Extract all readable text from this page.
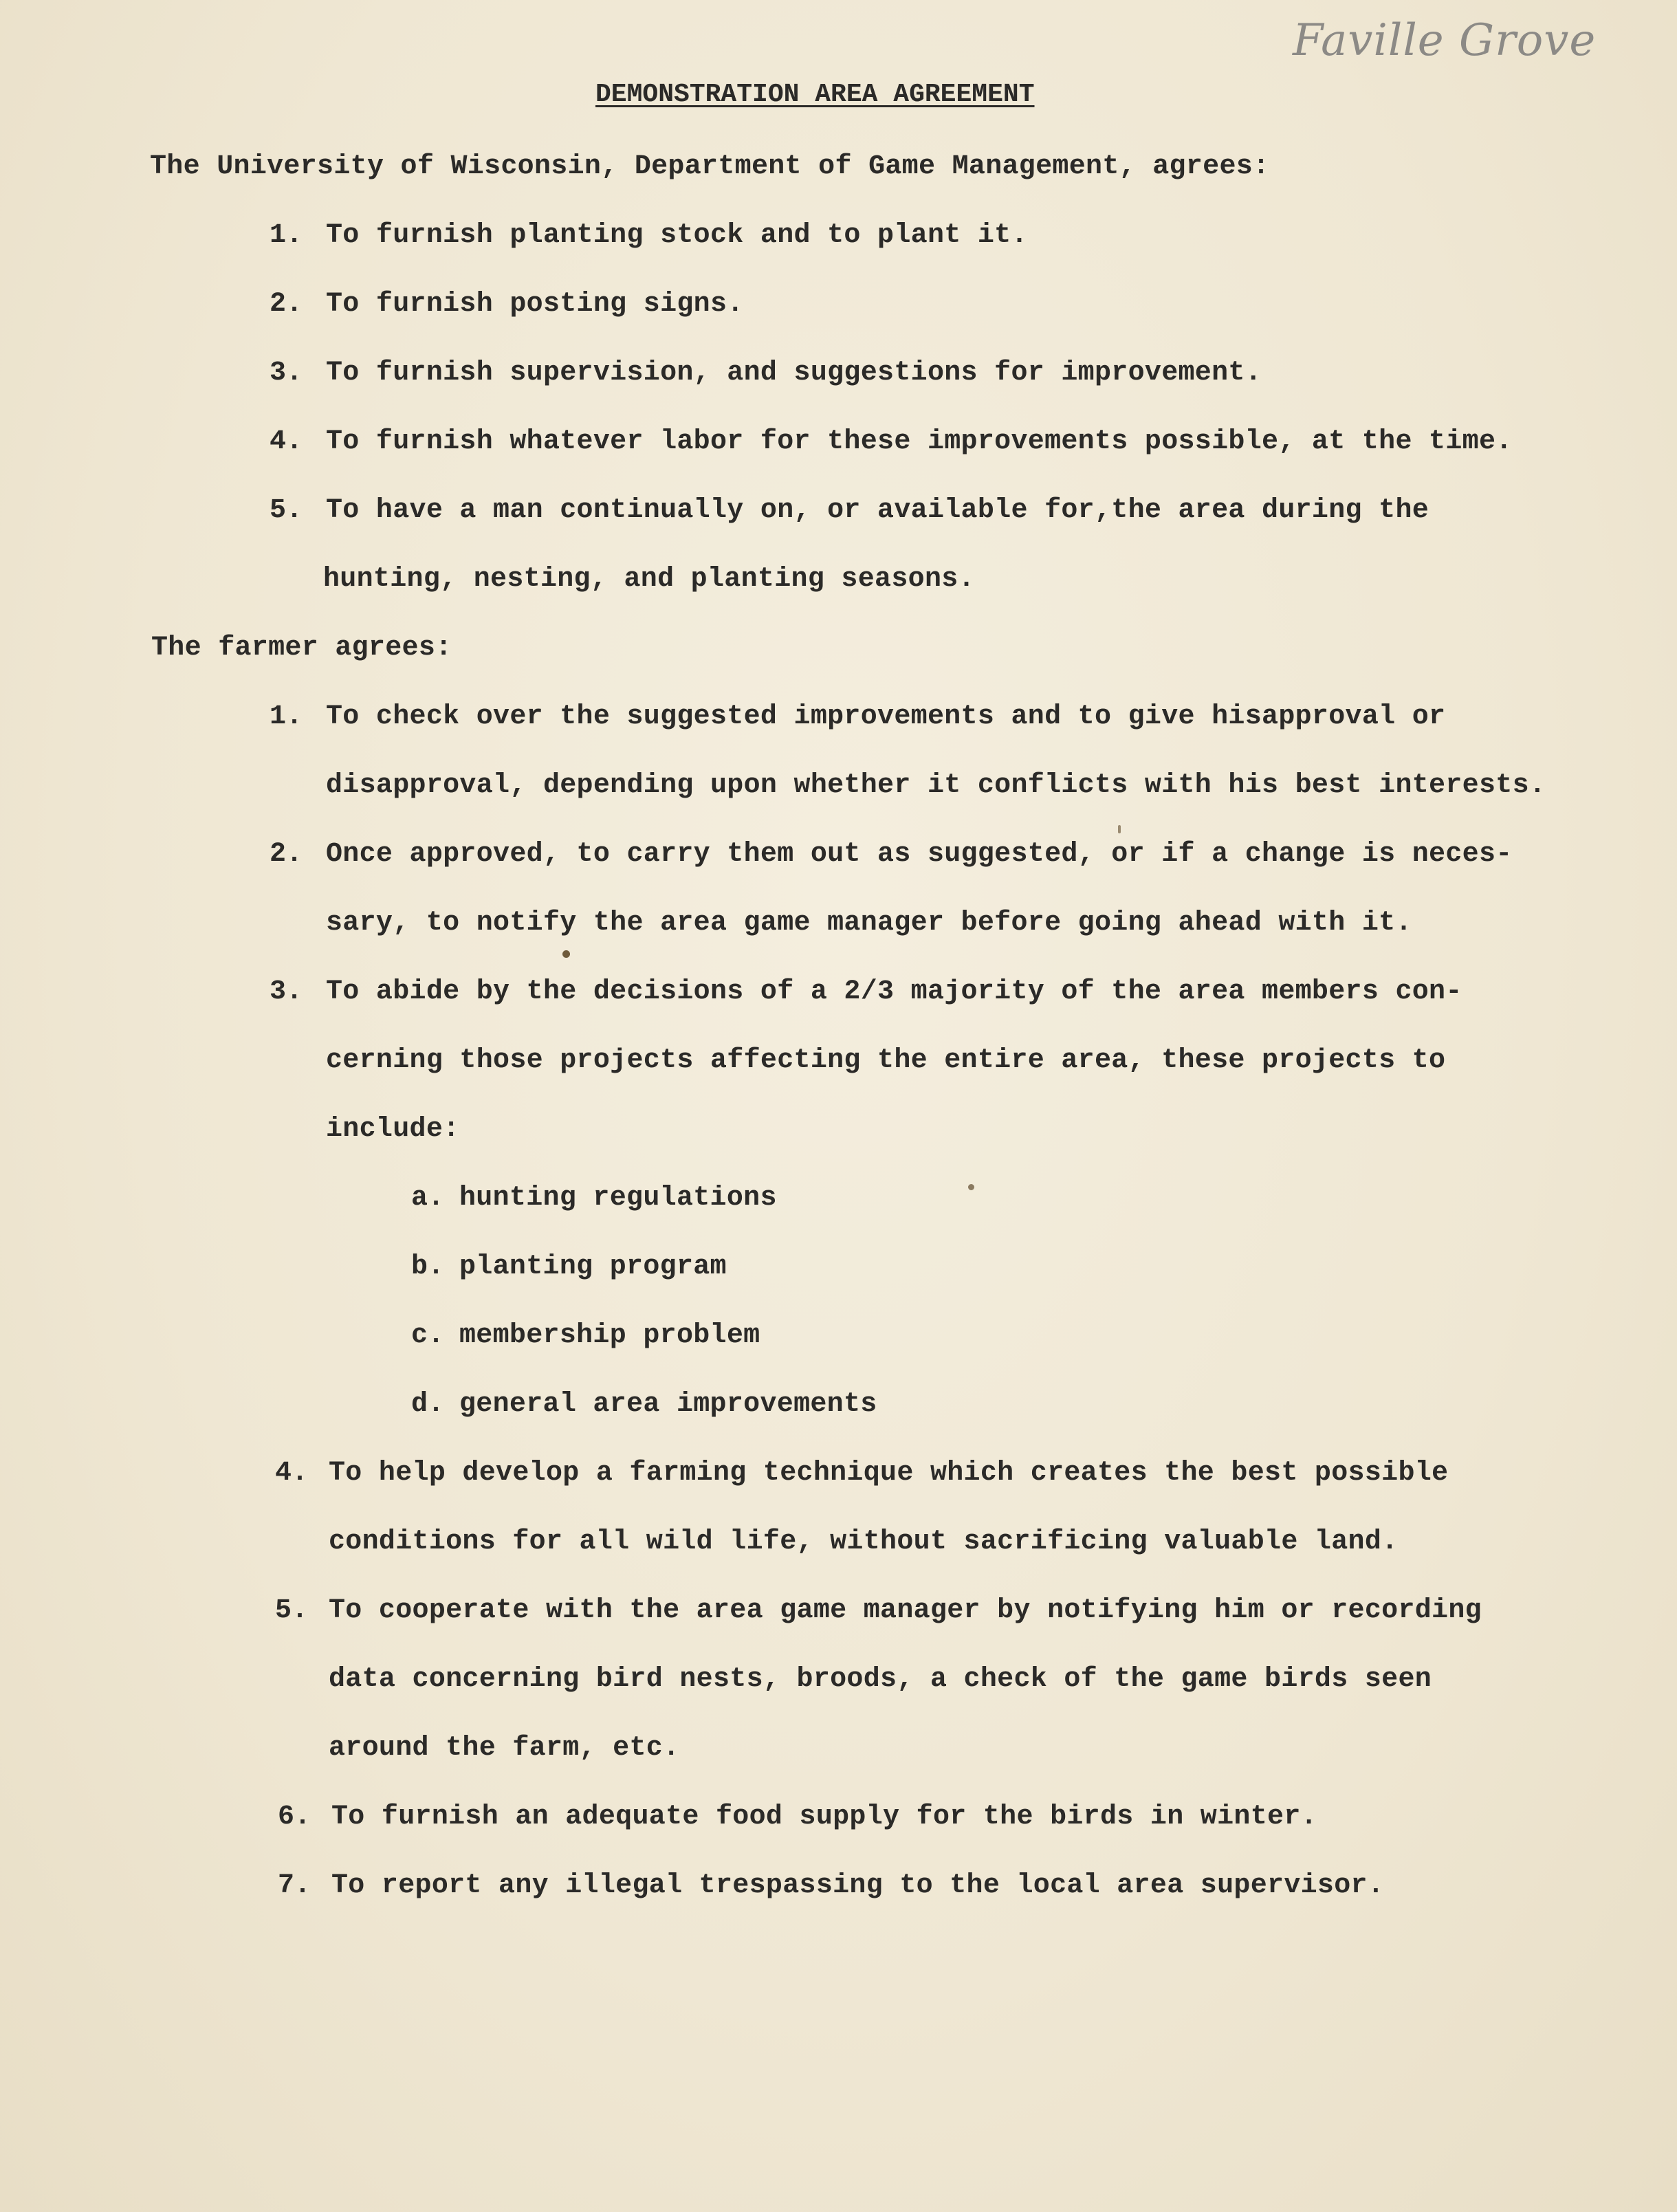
Faville Grove
DEMONSTRATION AREA AGREEMENT
The University of Wisconsin, Department of Game Management, agrees:
1. To furnish planting stock and to plant it.
2. To furnish posting signs.
3. To furnish supervision, and suggestions for improvement.
4. To furnish whatever labor for these improvements possible, at the time.
5. To have a man continually on, or available for,the area during the
hunting, nesting, and planting seasons.
The farmer agrees:
1. To check over the suggested improvements and to give hisapproval or
disapproval, depending upon whether it conflicts with his best interests.
2. Once approved, to carry them out as suggested, or if a change is neces-
sary, to notify the area game manager before going ahead with it.
3. To abide by the decisions of a 2/3 majority of the area members con-
cerning those projects affecting the entire area, these projects to
include:
a. hunting regulations
b. planting program
c. membership problem
d. general area improvements
4. To help develop a farming technique which creates the best possible
conditions for all wild life, without sacrificing valuable land.
5. To cooperate with the area game manager by notifying him or recording
data concerning bird nests, broods, a check of the game birds seen
around the farm, etc.
6. To furnish an adequate food supply for the birds in winter.
7. To report any illegal trespassing to the local area supervisor.
